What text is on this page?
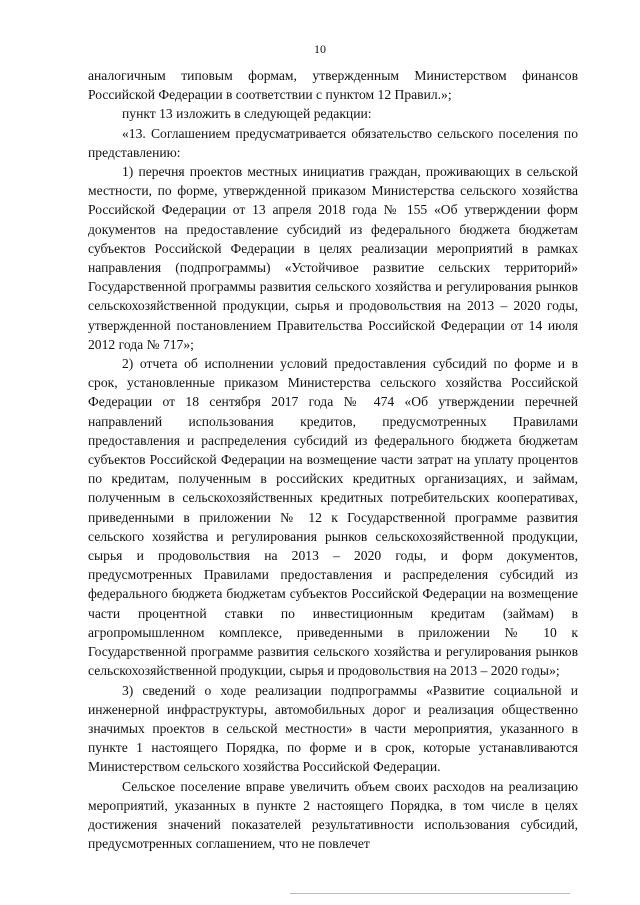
10

аналогичным типовым формам, утвержденным Министерством финансов Российской Федерации в соответствии с пунктом 12 Правил.»;

пункт 13 изложить в следующей редакции:

«13. Соглашением предусматривается обязательство сельского поселения по представлению:

1) перечня проектов местных инициатив граждан, проживающих в сельской местности, по форме, утвержденной приказом Министерства сельского хозяйства Российской Федерации от 13 апреля 2018 года № 155 «Об утверждении форм документов на предоставление субсидий из федерального бюджета бюджетам субъектов Российской Федерации в целях реализации мероприятий в рамках направления (подпрограммы) «Устойчивое развитие сельских территорий» Государственной программы развития сельского хозяйства и регулирования рынков сельскохозяйственной продукции, сырья и продовольствия на 2013 – 2020 годы, утвержденной постановлением Правительства Российской Федерации от 14 июля 2012 года № 717»;

2) отчета об исполнении условий предоставления субсидий по форме и в срок, установленные приказом Министерства сельского хозяйства Российской Федерации от 18 сентября 2017 года № 474 «Об утверждении перечней направлений использования кредитов, предусмотренных Правилами предоставления и распределения субсидий из федерального бюджета бюджетам субъектов Российской Федерации на возмещение части затрат на уплату процентов по кредитам, полученным в российских кредитных организациях, и займам, полученным в сельскохозяйственных кредитных потребительских кооперативах, приведенными в приложении № 12 к Государственной программе развития сельского хозяйства и регулирования рынков сельскохозяйственной продукции, сырья и продовольствия на 2013 – 2020 годы, и форм документов, предусмотренных Правилами предоставления и распределения субсидий из федерального бюджета бюджетам субъектов Российской Федерации на возмещение части процентной ставки по инвестиционным кредитам (займам) в агропромышленном комплексе, приведенными в приложении № 10 к Государственной программе развития сельского хозяйства и регулирования рынков сельскохозяйственной продукции, сырья и продовольствия на 2013 – 2020 годы»;

3) сведений о ходе реализации подпрограммы «Развитие социальной и инженерной инфраструктуры, автомобильных дорог и реализация общественно значимых проектов в сельской местности» в части мероприятия, указанного в пункте 1 настоящего Порядка, по форме и в срок, которые устанавливаются Министерством сельского хозяйства Российской Федерации.

Сельское поселение вправе увеличить объем своих расходов на реализацию мероприятий, указанных в пункте 2 настоящего Порядка, в том числе в целях достижения значений показателей результативности использования субсидий, предусмотренных соглашением, что не повлечет
